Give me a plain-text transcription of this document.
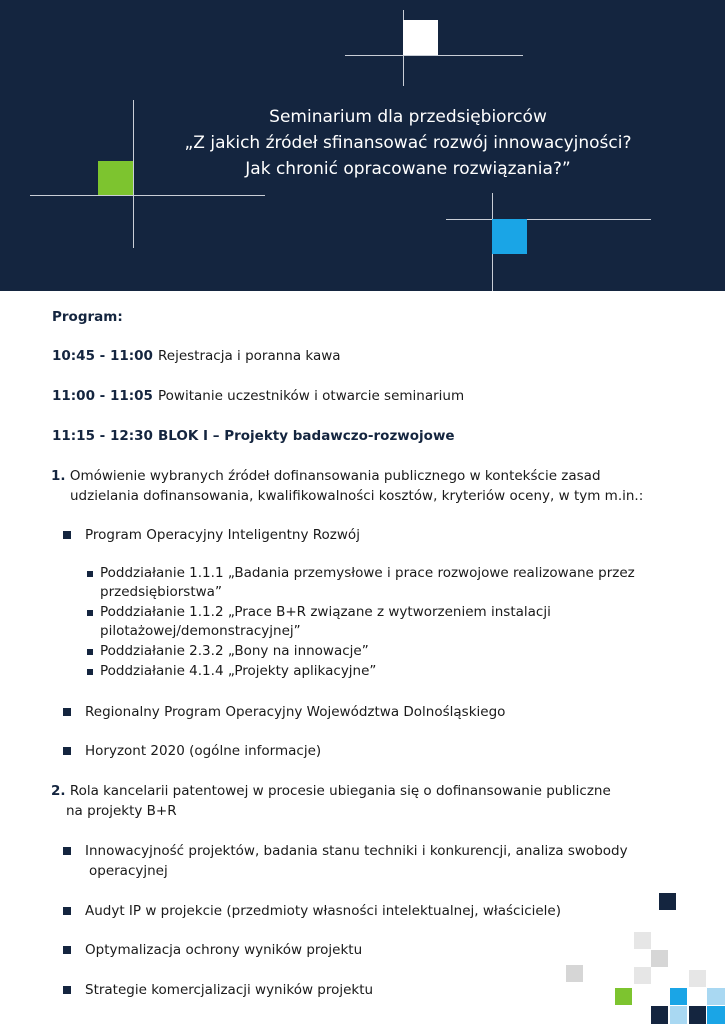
Seminarium dla przedsiębiorców
„Z jakich źródeł sfinansować rozwój innowacyjności?
Jak chronić opracowane rozwiązania?”
Program:
10:45 - 11:00 Rejestracja i poranna kawa
11:00 - 11:05 Powitanie uczestników i otwarcie seminarium
11:15 - 12:30 BLOK I – Projekty badawczo-rozwojowe
1. Omówienie wybranych źródeł dofinansowania publicznego w kontekście zasad
udzielania dofinansowania, kwalifikowalności kosztów, kryteriów oceny, w tym m.in.:
Program Operacyjny Inteligentny Rozwój
Poddziałanie 1.1.1 „Badania przemysłowe i prace rozwojowe realizowane przez
przedsiębiorstwa”
Poddziałanie 1.1.2 „Prace B+R związane z wytworzeniem instalacji
pilotażowej/demonstracyjnej”
Poddziałanie 2.3.2 „Bony na innowacje”
Poddziałanie 4.1.4 „Projekty aplikacyjne”
Regionalny Program Operacyjny Województwa Dolnośląskiego
Horyzont 2020 (ogólne informacje)
2. Rola kancelarii patentowej w procesie ubiegania się o dofinansowanie publiczne
na projekty B+R
Innowacyjność projektów, badania stanu techniki i konkurencji, analiza swobody
operacyjnej
Audyt IP w projekcie (przedmioty własności intelektualnej, właściciele)
Optymalizacja ochrony wyników projektu
Strategie komercjalizacji wyników projektu
